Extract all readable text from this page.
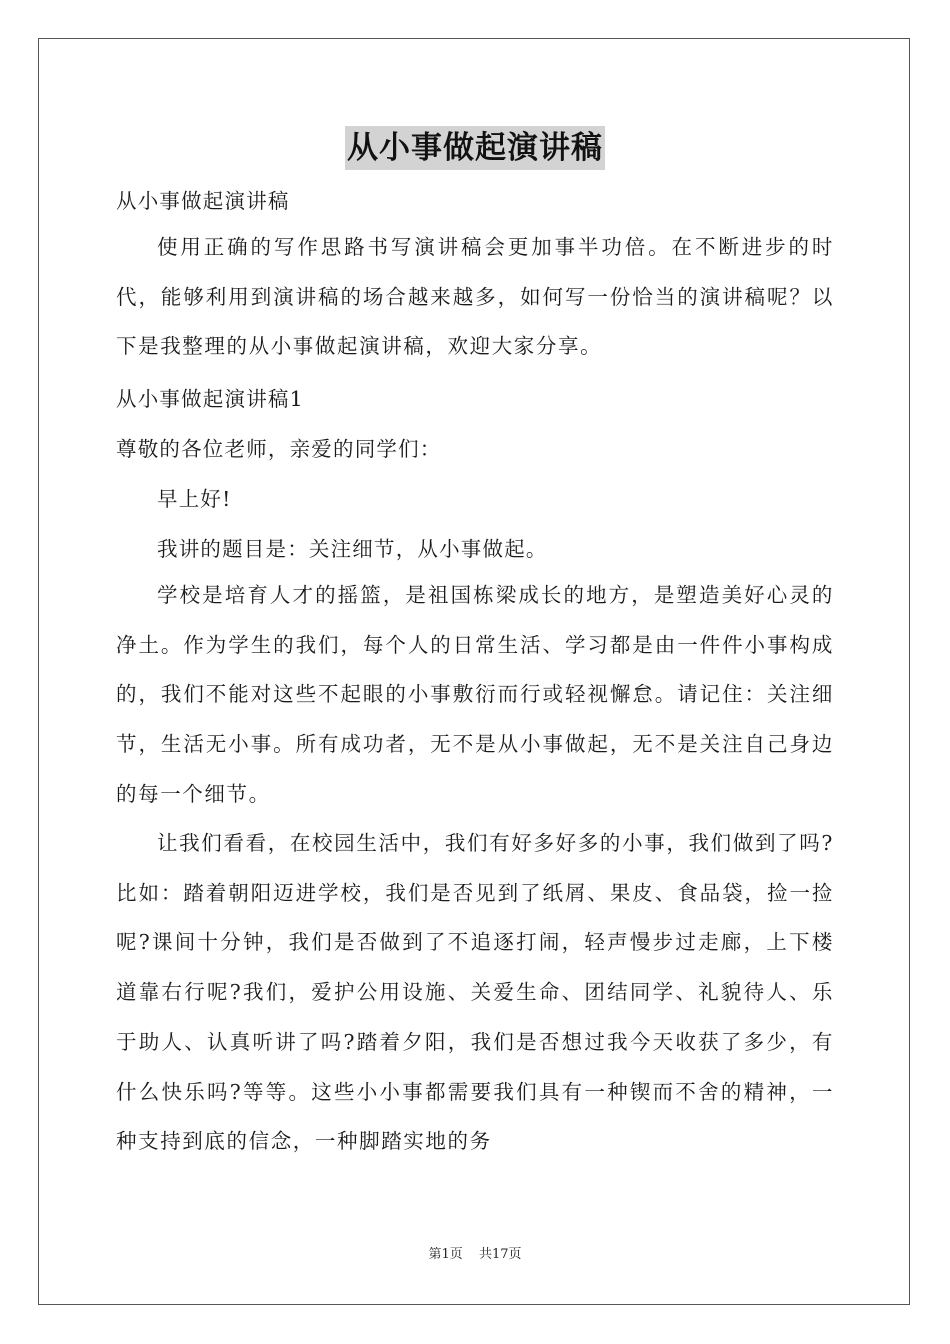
从小事做起演讲稿
从小事做起演讲稿

使用正确的写作思路书写演讲稿会更加事半功倍。在不断进步的时代，能够利用到演讲稿的场合越来越多，如何写一份恰当的演讲稿呢？以下是我整理的从小事做起演讲稿，欢迎大家分享。

从小事做起演讲稿1
尊敬的各位老师，亲爱的同学们：
早上好!
我讲的题目是：关注细节，从小事做起。

学校是培育人才的摇篮，是祖国栋梁成长的地方，是塑造美好心灵的净土。作为学生的我们，每个人的日常生活、学习都是由一件件小事构成的，我们不能对这些不起眼的小事敷衍而行或轻视懈怠。请记住：关注细节，生活无小事。所有成功者，无不是从小事做起，无不是关注自己身边的每一个细节。

让我们看看，在校园生活中，我们有好多好多的小事，我们做到了吗?比如：踏着朝阳迈进学校，我们是否见到了纸屑、果皮、食品袋，捡一捡呢?课间十分钟，我们是否做到了不追逐打闹，轻声慢步过走廊，上下楼道靠右行呢?我们，爱护公用设施、关爱生命、团结同学、礼貌待人、乐于助人、认真听讲了吗?踏着夕阳，我们是否想过我今天收获了多少，有什么快乐吗?等等。这些小小事都需要我们具有一种锲而不舍的精神，一种支持到底的信念，一种脚踏实地的务

第1页 共17页
